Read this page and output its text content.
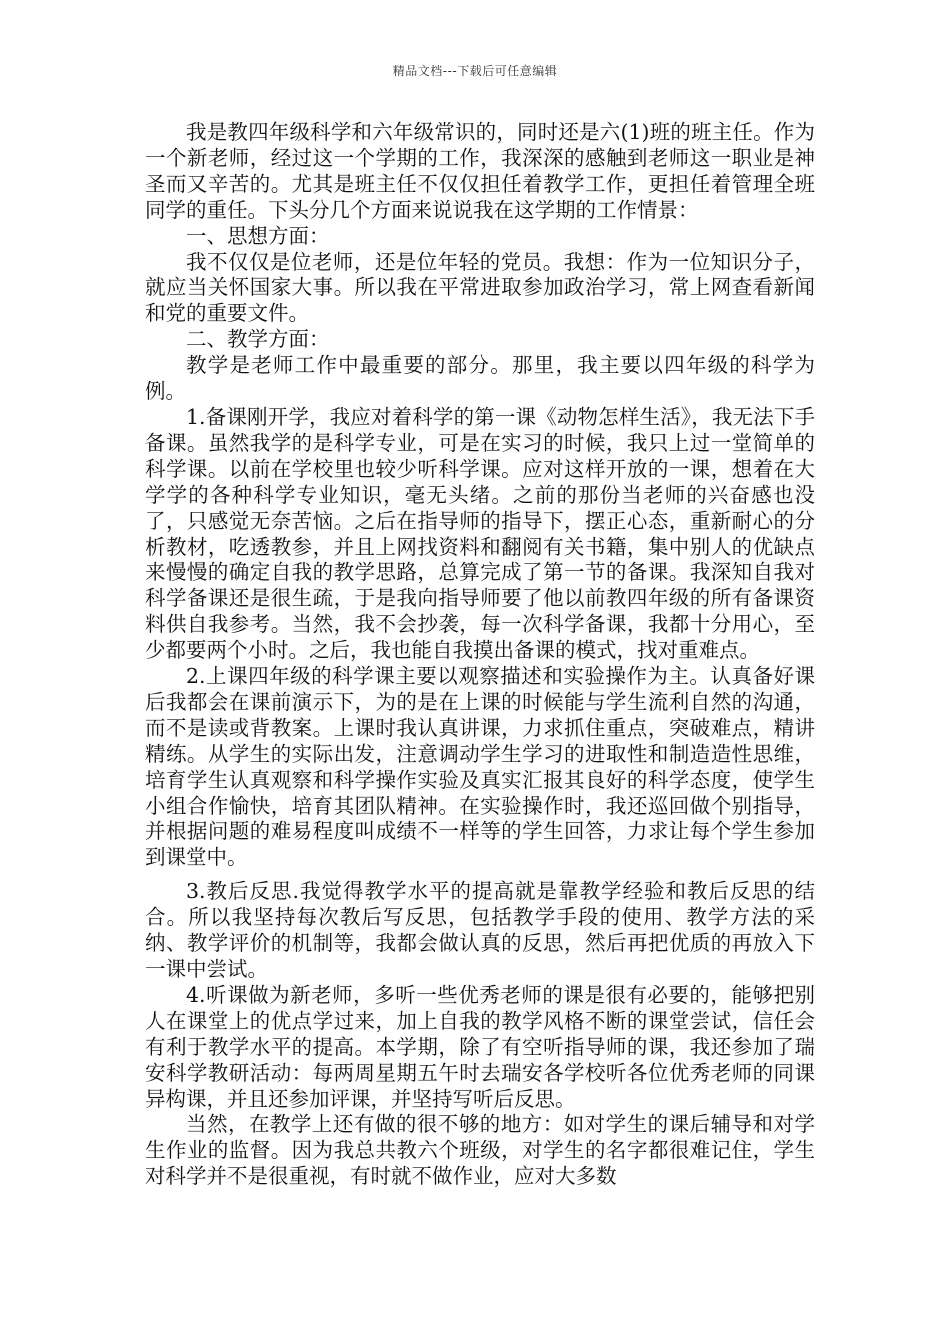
精品文档---下载后可任意编辑

我是教四年级科学和六年级常识的，同时还是六(1)班的班主任。作为一个新老师，经过这一个学期的工作，我深深的感触到老师这一职业是神圣而又辛苦的。尤其是班主任不仅仅担任着教学工作，更担任着管理全班同学的重任。下头分几个方面来说说我在这学期的工作情景：

一、思想方面：

我不仅仅是位老师，还是位年轻的党员。我想：作为一位知识分子，就应当关怀国家大事。所以我在平常进取参加政治学习，常上网查看新闻和党的重要文件。

二、教学方面：

教学是老师工作中最重要的部分。那里，我主要以四年级的科学为例。

1.备课刚开学，我应对着科学的第一课《动物怎样生活》，我无法下手备课。虽然我学的是科学专业，可是在实习的时候，我只上过一堂简单的科学课。以前在学校里也较少听科学课。应对这样开放的一课，想着在大学学的各种科学专业知识，毫无头绪。之前的那份当老师的兴奋感也没了，只感觉无奈苦恼。之后在指导师的指导下，摆正心态，重新耐心的分析教材，吃透教参，并且上网找资料和翻阅有关书籍，集中别人的优缺点来慢慢的确定自我的教学思路，总算完成了第一节的备课。我深知自我对科学备课还是很生疏，于是我向指导师要了他以前教四年级的所有备课资料供自我参考。当然，我不会抄袭，每一次科学备课，我都十分用心，至少都要两个小时。之后，我也能自我摸出备课的模式，找对重难点。

2.上课四年级的科学课主要以观察描述和实验操作为主。认真备好课后我都会在课前演示下，为的是在上课的时候能与学生流利自然的沟通，而不是读或背教案。上课时我认真讲课，力求抓住重点，突破难点，精讲精练。从学生的实际出发，注意调动学生学习的进取性和制造造性思维，培育学生认真观察和科学操作实验及真实汇报其良好的科学态度，使学生小组合作愉快，培育其团队精神。在实验操作时，我还巡回做个别指导，并根据问题的难易程度叫成绩不一样等的学生回答，力求让每个学生参加到课堂中。

3.教后反思.我觉得教学水平的提高就是靠教学经验和教后反思的结合。所以我坚持每次教后写反思，包括教学手段的使用、教学方法的采纳、教学评价的机制等，我都会做认真的反思，然后再把优质的再放入下一课中尝试。

4.听课做为新老师，多听一些优秀老师的课是很有必要的，能够把别人在课堂上的优点学过来，加上自我的教学风格不断的课堂尝试，信任会有利于教学水平的提高。本学期，除了有空听指导师的课，我还参加了瑞安科学教研活动：每两周星期五午时去瑞安各学校听各位优秀老师的同课异构课，并且还参加评课，并坚持写听后反思。

当然，在教学上还有做的很不够的地方：如对学生的课后辅导和对学生作业的监督。因为我总共教六个班级，对学生的名字都很难记住，学生对科学并不是很重视，有时就不做作业，应对大多数
